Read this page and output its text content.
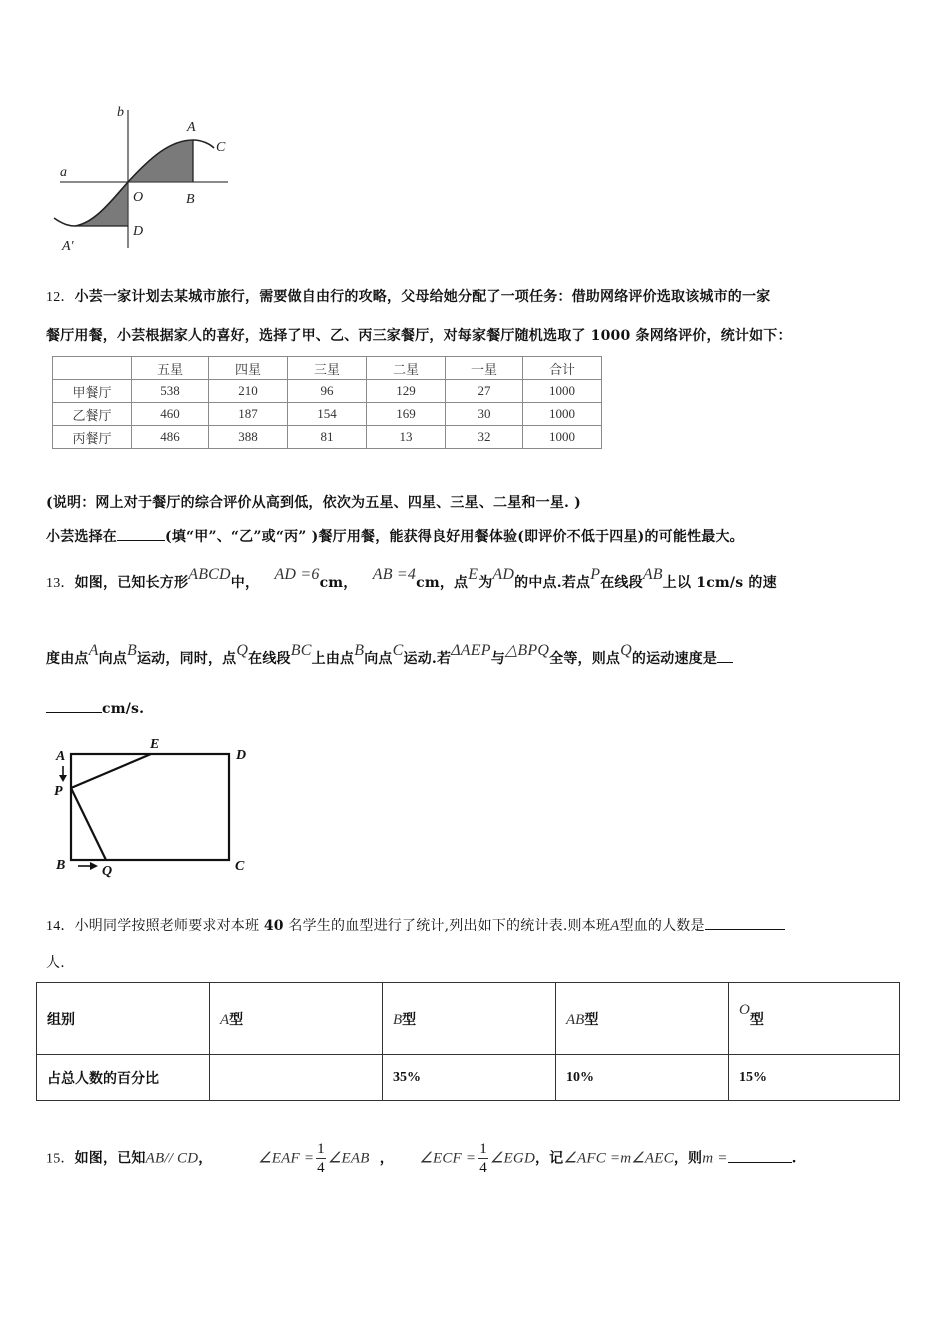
b
A
C
a
O	B
D
A′
12．小芸一家计划去某城市旅行，需要做自由行的攻略，父母给她分配了一项任务：借助网络评价选取该城市的一家
餐厅用餐，小芸根据家人的喜好，选择了甲、乙、丙三家餐厅，对每家餐厅随机选取了 1000 条网络评价，统计如下：
	五星	四星	三星	二星	一星	合计
甲餐厅	538	210	96	129	27	1000
乙餐厅	460	187	154	169	30	1000
丙餐厅	486	388	81	13	32	1000
(说明：网上对于餐厅的综合评价从高到低，依次为五星、四星、三星、二星和一星. )
小芸选择在	(填“甲”、“乙”或“丙” )餐厅用餐，能获得良好用餐体验(即评价不低于四星)的可能性最大。
13．如图，已知长方形ABCD中， AD =6cm， AB =4cm，点E为AD的中点.若点P在线段AB上以 1cm/s 的速
度由点A向点B运动，同时，点Q在线段BC上由点B向点C运动.若ΔAEP与△BPQ全等，则点Q的运动速度是
cm/s.
A
E
D
P
B	Q	C
14．小明同学按照老师要求对本班 40 名学生的血型进行了统计,列出如下的统计表.则本班A型血的人数是
人.
组别	A型	B型	AB型	O型
占总人数的百分比		35%	10%	15%
15．如图，已知AB// CD，	∠EAF = $\frac{1}{4}$ ∠EAB ， ∠ECF = $\frac{1}{4}$ ∠EGD，记∠AFC =m∠AEC，则m =	.
